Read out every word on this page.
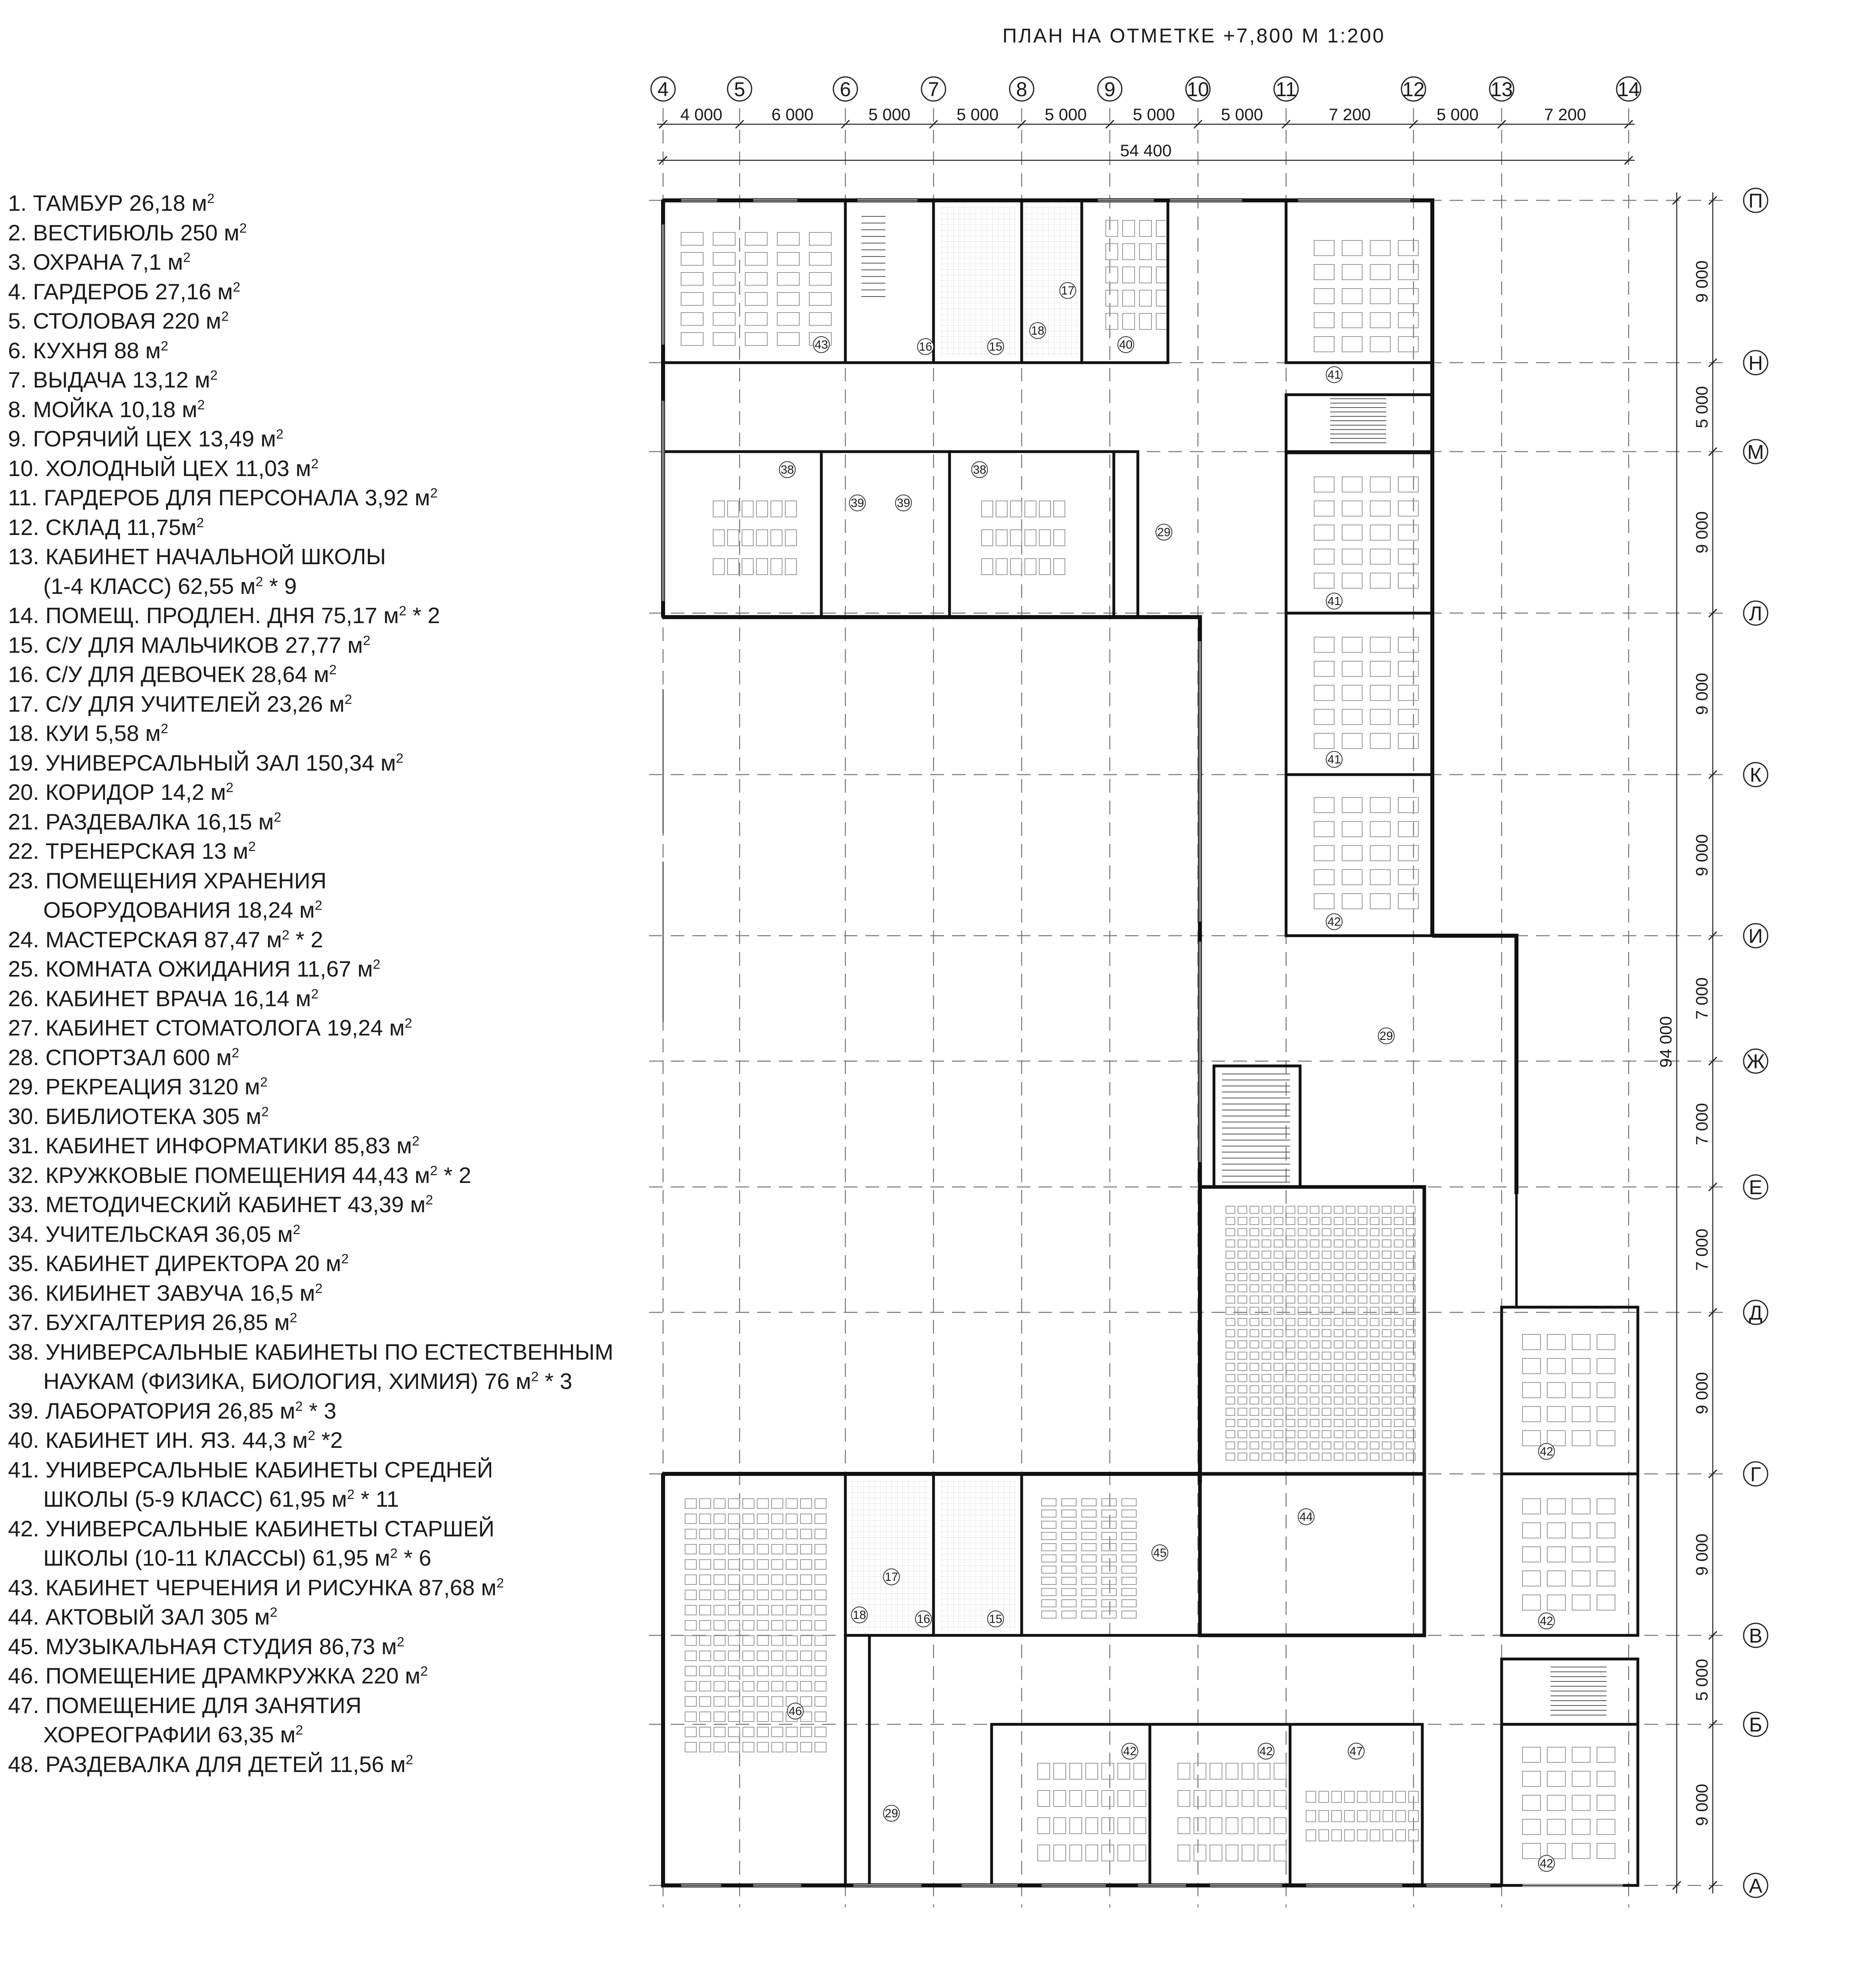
ПЛАН НА ОТМЕТКЕ +7,800 М 1:200
1. ТАМБУР 26,18 $м^2$
2. ВЕСТИБЮЛЬ 250 $м^2$
3. ОХРАНА 7,1 $м^2$
4. ГАРДЕРОБ 27,16 $м^2$
5. СТОЛОВАЯ 220 $м^2$
6. КУХНЯ 88 $м^2$
7. ВЫДАЧА 13,12 $м^2$
8. МОЙКА 10,18 $м^2$
9. ГОРЯЧИЙ ЦЕХ 13,49 $м^2$
10. ХОЛОДНЫЙ ЦЕХ 11,03 $м^2$
11. ГАРДЕРОБ ДЛЯ ПЕРСОНАЛА 3,92 $м^2$
12. СКЛАД $11,75м^2$
13. КАБИНЕТ НАЧАЛЬНОЙ ШКОЛЫ
(1-4 КЛАСС) 62,55 $м^2 * 9$
14. ПОМЕЩ. ПРОДЛЕН. ДНЯ 75,17 $м^2 * 2$
15. С/У ДЛЯ МАЛЬЧИКОВ 27,77 $м^2$
16. С/У ДЛЯ ДЕВОЧЕК 28,64 $м^2$
17. С/У ДЛЯ УЧИТЕЛЕЙ 23,26 $м^2$
18. КУИ 5,58 $м^2$
19. УНИВЕРСАЛЬНЫЙ ЗАЛ 150,34 $м^2$
20. КОРИДОР 14,2 $м^2$
21. РАЗДЕВАЛКА 16,15 $м^2$
22. ТРЕНЕРСКАЯ 13 $м^2$
23. ПОМЕЩЕНИЯ ХРАНЕНИЯ
ОБОРУДОВАНИЯ 18,24 $м^2$
24. МАСТЕРСКАЯ 87,47 $м^2 * 2$
25. КОМНАТА ОЖИДАНИЯ 11,67 $м^2$
26. КАБИНЕТ ВРАЧА 16,14 $м^2$
27. КАБИНЕТ СТОМАТОЛОГА 19,24 $м^2$
28. СПОРТЗАЛ 600 $м^2$
29. РЕКРЕАЦИЯ 3120 $м^2$
30. БИБЛИОТЕКА 305 $м^2$
31. КАБИНЕТ ИНФОРМАТИКИ 85,83 $м^2$
32. КРУЖКОВЫЕ ПОМЕЩЕНИЯ 44,43 $м^2 * 2$
33. МЕТОДИЧЕСКИЙ КАБИНЕТ 43,39 $м^2$
34. УЧИТЕЛЬСКАЯ 36,05 $м^2$
35. КАБИНЕТ ДИРЕКТОРА 20 $м^2$
36. КИБИНЕТ ЗАВУЧА 16,5 $м^2$
37. БУХГАЛТЕРИЯ 26,85 $м^2$
38. УНИВЕРСАЛЬНЫЕ КАБИНЕТЫ ПО ЕСТЕСТВЕННЫМ
НАУКАМ (ФИЗИКА, БИОЛОГИЯ, ХИМИЯ) 76 $м^2 * 3$
39. ЛАБОРАТОРИЯ 26,85 $м^2 * 3$
40. КАБИНЕТ ИН. ЯЗ. 44,3 $м^2$ *2
41. УНИВЕРСАЛЬНЫЕ КАБИНЕТЫ СРЕДНЕЙ
ШКОЛЫ (5-9 КЛАСС) 61,95 $м^2 * 11$
42. УНИВЕРСАЛЬНЫЕ КАБИНЕТЫ СТАРШЕЙ
ШКОЛЫ (10-11 КЛАССЫ) 61,95 $м^2 * 6$
43. КАБИНЕТ ЧЕРЧЕНИЯ И РИСУНКА 87,68 $м^2$
44. АКТОВЫЙ ЗАЛ 305 $м^2$
45. МУЗЫКАЛЬНАЯ СТУДИЯ 86,73 $м^2$
46. ПОМЕЩЕНИЕ ДРАМКРУЖКА 220 $м^2$
47. ПОМЕЩЕНИЕ ДЛЯ ЗАНЯТИЯ
ХОРЕОГРАФИИ 63,35 $м^2$
48. РАЗДЕВАЛКА ДЛЯ ДЕТЕЙ 11,56 $м^2$
4	5	6	7	8	9	10	11	12	13	14
П
Н
М
Л
К
И
Ж
Е
Д
Г
В
Б
А
4 000	6 000	5 000	5 000	5 000	5 000	5 000	7 200	5 000	7 200
54 400
9 000
5 000
9 000
9 000
9 000
7 000
7 000
7 000
9 000
9 000
5 000
9 000
94 000
43	16	15
18
17
40
38
39	39
38
29
41
41
41
42
29
44
45
17
18	16	15
46
29
42	42	47
42
42
42
